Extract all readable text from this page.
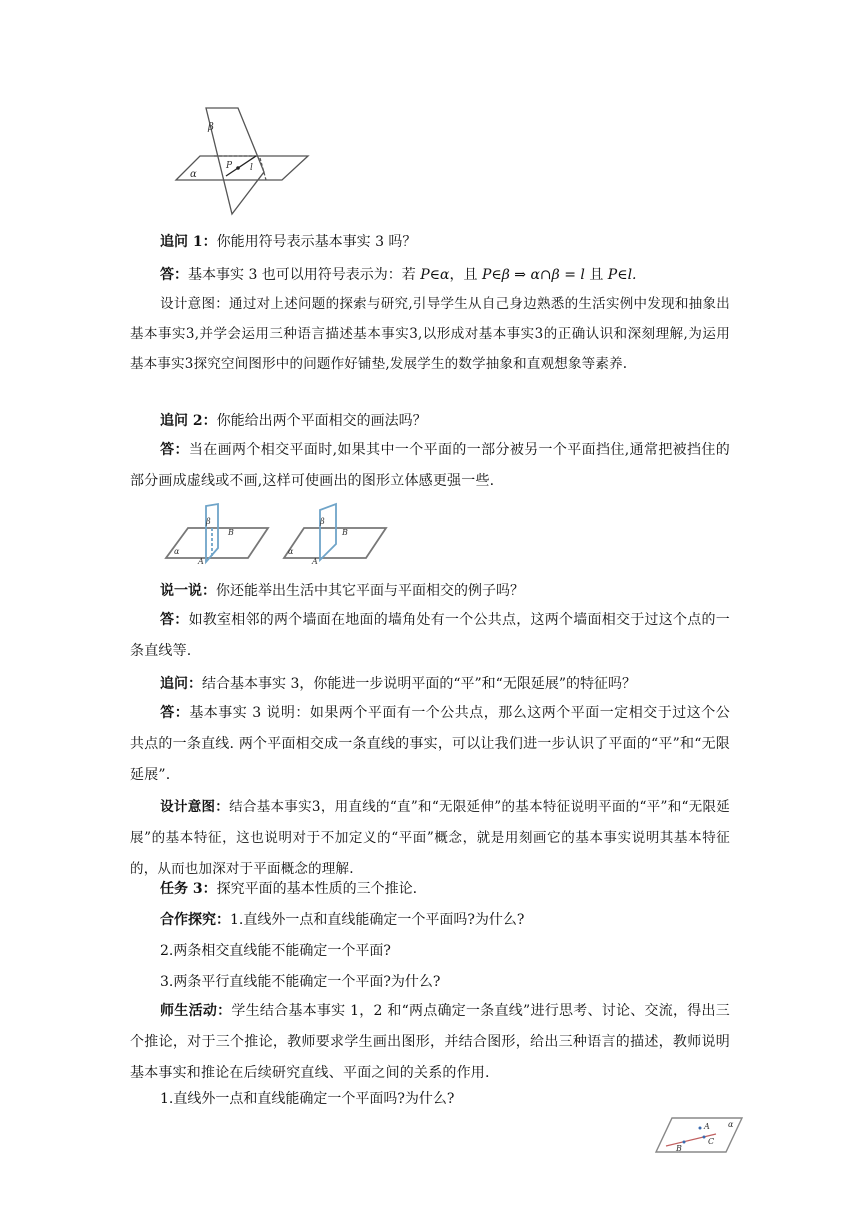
β
α
P l
追问 1：你能用符号表示基本事实 3 吗？
答：基本事实 3 也可以用符号表示为：若 P∈α，且 P∈β ⇒ α∩β = l 且 P∈l.
设计意图：通过对上述问题的探索与研究,引导学生从自己身边熟悉的生活实例中发现和抽象出基本事实3,并学会运用三种语言描述基本事实3,以形成对基本事实3的正确认识和深刻理解,为运用基本事实3探究空间图形中的问题作好铺垫,发展学生的数学抽象和直观想象等素养.
追问 2：你能给出两个平面相交的画法吗？
答：当在画两个相交平面时,如果其中一个平面的一部分被另一个平面挡住,通常把被挡住的部分画成虚线或不画,这样可使画出的图形立体感更强一些.
β
B
α
A
β
B
α
A
说一说：你还能举出生活中其它平面与平面相交的例子吗？
答：如教室相邻的两个墙面在地面的墙角处有一个公共点，这两个墙面相交于过这个点的一条直线等.
追问：结合基本事实 3，你能进一步说明平面的“平”和“无限延展”的特征吗？
答：基本事实 3 说明：如果两个平面有一个公共点，那么这两个平面一定相交于过这个公共点的一条直线. 两个平面相交成一条直线的事实，可以让我们进一步认识了平面的“平”和“无限延展”.
设计意图：结合基本事实3，用直线的“直”和“无限延伸”的基本特征说明平面的“平”和“无限延展”的基本特征，这也说明对于不加定义的“平面”概念，就是用刻画它的基本事实说明其基本特征的，从而也加深对于平面概念的理解.
任务 3：探究平面的基本性质的三个推论.
合作探究：1.直线外一点和直线能确定一个平面吗?为什么?
2.两条相交直线能不能确定一个平面?
3.两条平行直线能不能确定一个平面?为什么?
师生活动：学生结合基本事实 1，2 和“两点确定一条直线”进行思考、讨论、交流，得出三个推论，对于三个推论，教师要求学生画出图形，并结合图形，给出三种语言的描述，教师说明基本事实和推论在后续研究直线、平面之间的关系的作用.
1.直线外一点和直线能确定一个平面吗?为什么?
A α
B
C
